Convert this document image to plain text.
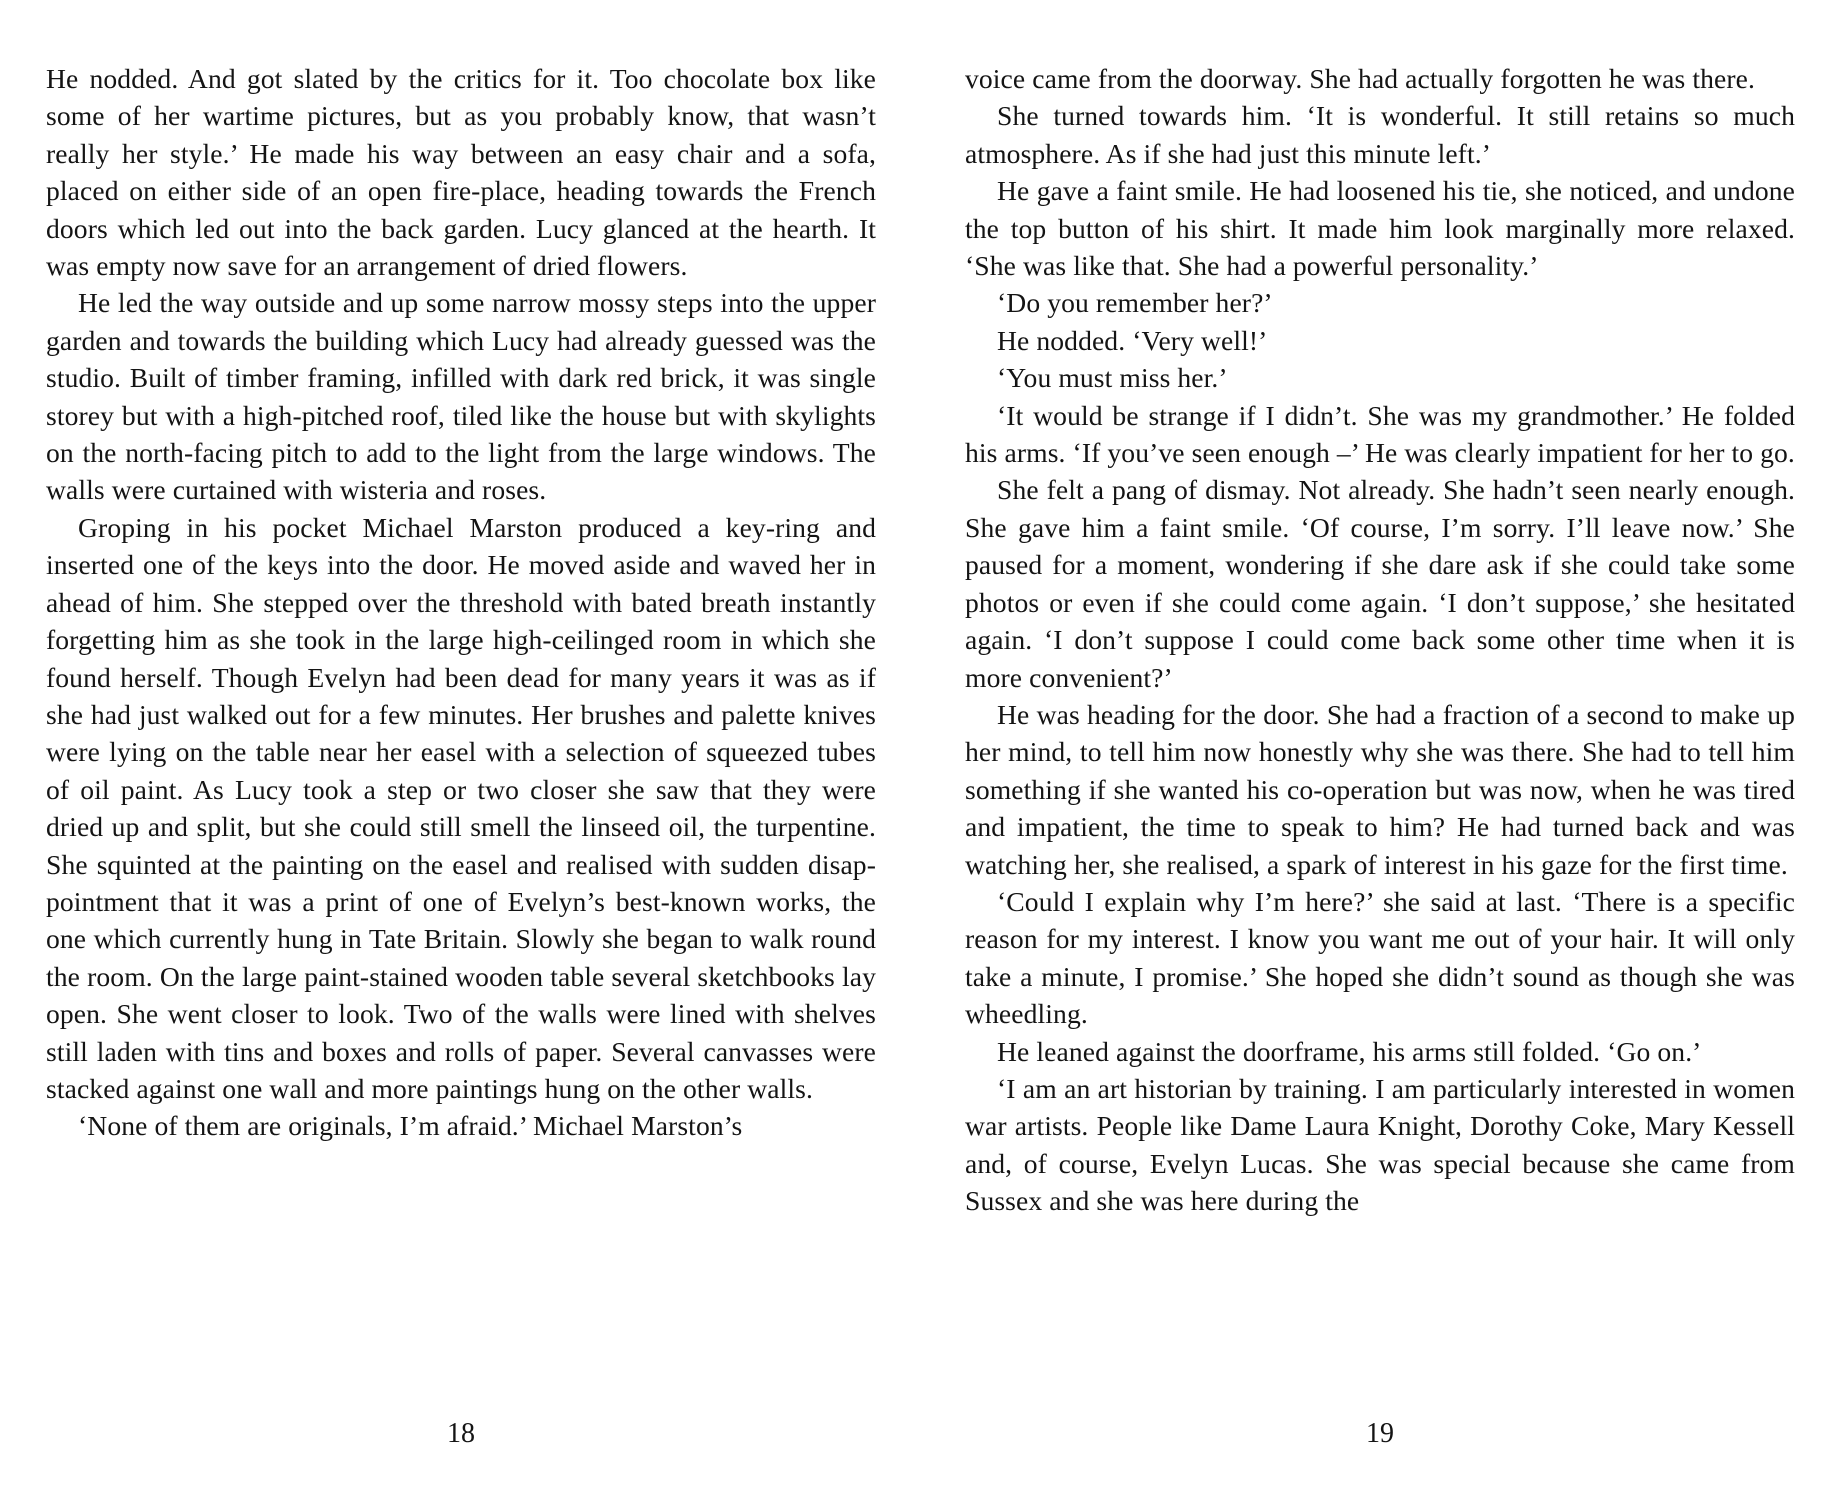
He nodded. And got slated by the critics for it. Too chocolate box like some of her wartime pictures, but as you probably know, that wasn’t really her style.’ He made his way between an easy chair and a sofa, placed on either side of an open fire-place, heading towards the French doors which led out into the back garden. Lucy glanced at the hearth. It was empty now save for an arrangement of dried flowers.

He led the way outside and up some narrow mossy steps into the upper garden and towards the building which Lucy had already guessed was the studio. Built of timber framing, infilled with dark red brick, it was single storey but with a high-pitched roof, tiled like the house but with skylights on the north-facing pitch to add to the light from the large windows. The walls were curtained with wisteria and roses.

Groping in his pocket Michael Marston produced a key-ring and inserted one of the keys into the door. He moved aside and waved her in ahead of him. She stepped over the threshold with bated breath instantly forgetting him as she took in the large high-ceilinged room in which she found herself. Though Evelyn had been dead for many years it was as if she had just walked out for a few minutes. Her brushes and palette knives were lying on the table near her easel with a selection of squeezed tubes of oil paint. As Lucy took a step or two closer she saw that they were dried up and split, but she could still smell the linseed oil, the turpentine. She squinted at the painting on the easel and realised with sudden disap-pointment that it was a print of one of Evelyn’s best-known works, the one which currently hung in Tate Britain. Slowly she began to walk round the room. On the large paint-stained wooden table several sketchbooks lay open. She went closer to look. Two of the walls were lined with shelves still laden with tins and boxes and rolls of paper. Several canvasses were stacked against one wall and more paintings hung on the other walls.

‘None of them are originals, I’m afraid.’ Michael Marston’s

18

voice came from the doorway. She had actually forgotten he was there.

She turned towards him. ‘It is wonderful. It still retains so much atmosphere. As if she had just this minute left.’

He gave a faint smile. He had loosened his tie, she noticed, and undone the top button of his shirt. It made him look marginally more relaxed. ‘She was like that. She had a powerful personality.’

‘Do you remember her?’

He nodded. ‘Very well!’

‘You must miss her.’

‘It would be strange if I didn’t. She was my grandmother.’ He folded his arms. ‘If you’ve seen enough –’ He was clearly impatient for her to go.

She felt a pang of dismay. Not already. She hadn’t seen nearly enough. She gave him a faint smile. ‘Of course, I’m sorry. I’ll leave now.’ She paused for a moment, wondering if she dare ask if she could take some photos or even if she could come again. ‘I don’t suppose,’ she hesitated again. ‘I don’t suppose I could come back some other time when it is more convenient?’

He was heading for the door. She had a fraction of a second to make up her mind, to tell him now honestly why she was there. She had to tell him something if she wanted his co-operation but was now, when he was tired and impatient, the time to speak to him? He had turned back and was watching her, she realised, a spark of interest in his gaze for the first time.

‘Could I explain why I’m here?’ she said at last. ‘There is a specific reason for my interest. I know you want me out of your hair. It will only take a minute, I promise.’ She hoped she didn’t sound as though she was wheedling.

He leaned against the doorframe, his arms still folded. ‘Go on.’

‘I am an art historian by training. I am particularly interested in women war artists. People like Dame Laura Knight, Dorothy Coke, Mary Kessell and, of course, Evelyn Lucas. She was special because she came from Sussex and she was here during the

19
